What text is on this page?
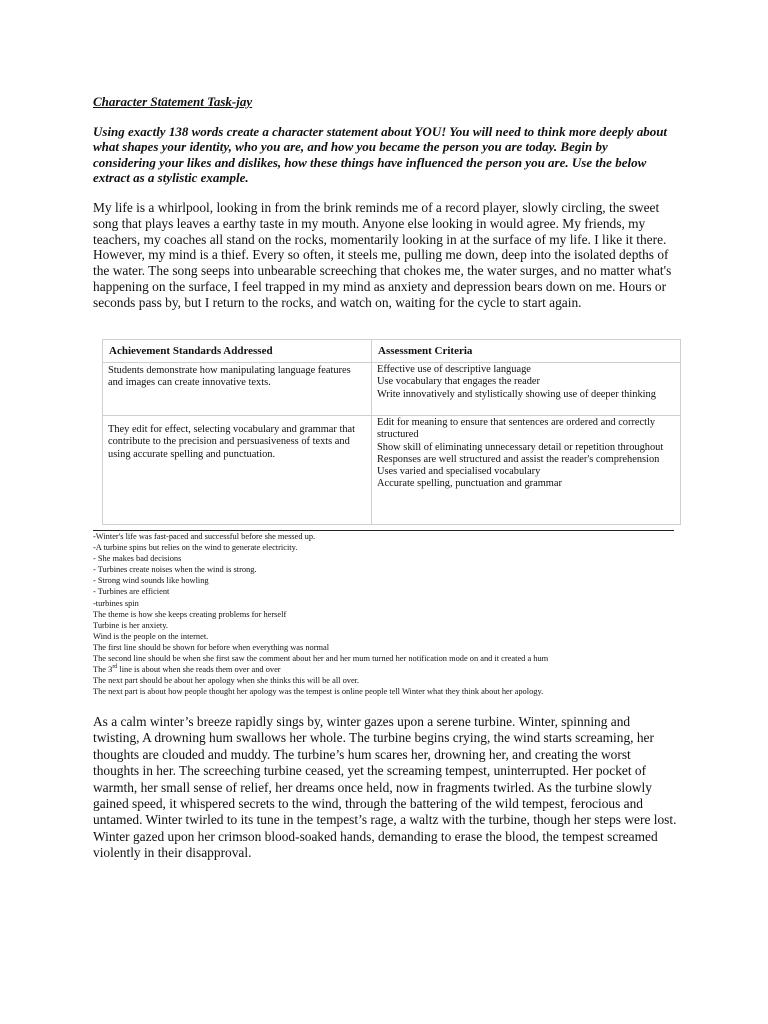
Character Statement Task-jay

Using exactly 138 words create a character statement about YOU! You will need to think more deeply about what shapes your identity, who you are, and how you became the person you are today. Begin by considering your likes and dislikes, how these things have influenced the person you are. Use the below extract as a stylistic example.

My life is a whirlpool, looking in from the brink reminds me of a record player, slowly circling, the sweet song that plays leaves a earthy taste in my mouth. Anyone else looking in would agree. My friends, my teachers, my coaches all stand on the rocks, momentarily looking in at the surface of my life. I like it there. However, my mind is a thief. Every so often, it steels me, pulling me down, deep into the isolated depths of the water. The song seeps into unbearable screeching that chokes me, the water surges, and no matter what's happening on the surface, I feel trapped in my mind as anxiety and depression bears down on me. Hours or seconds pass by, but I return to the rocks, and watch on, waiting for the cycle to start again.

Achievement Standards Addressed	Assessment Criteria
Students demonstrate how manipulating language features and images can create innovative texts.	Effective use of descriptive language
Use vocabulary that engages the reader
Write innovatively and stylistically showing use of deeper thinking

They edit for effect, selecting vocabulary and grammar that contribute to the precision and persuasiveness of texts and using accurate spelling and punctuation.	Edit for meaning to ensure that sentences are ordered and correctly structured
Show skill of eliminating unnecessary detail or repetition throughout
Responses are well structured and assist the reader's comprehension
Uses varied and specialised vocabulary
Accurate spelling, punctuation and grammar
-Winter's life was fast-paced and successful before she messed up.
-A turbine spins but relies on the wind to generate electricity.
- She makes bad decisions
- Turbines create noises when the wind is strong.
- Strong wind sounds like howling
- Turbines are efficient
-turbines spin
The theme is how she keeps creating problems for herself
Turbine is her anxiety.
Wind is the people on the internet.
The first line should be shown for before when everything was normal
The second line should be when she first saw the comment about her and her mum turned her notification mode on and it created a hum
The 3rd line is about when she reads them over and over
The next part should be about her apology when she thinks this will be all over.
The next part is about how people thought her apology was the tempest is online people tell Winter what they think about her apology.

As a calm winter’s breeze rapidly sings by, winter gazes upon a serene turbine. Winter, spinning and twisting, A drowning hum swallows her whole. The turbine begins crying, the wind starts screaming, her thoughts are clouded and muddy. The turbine’s hum scares her, drowning her, and creating the worst thoughts in her. The screeching turbine ceased, yet the screaming tempest, uninterrupted. Her pocket of warmth, her small sense of relief, her dreams once held, now in fragments twirled. As the turbine slowly gained speed, it whispered secrets to the wind, through the battering of the wild tempest, ferocious and untamed. Winter twirled to its tune in the tempest’s rage, a waltz with the turbine, though her steps were lost. Winter gazed upon her crimson blood-soaked hands, demanding to erase the blood, the tempest screamed violently in their disapproval.
